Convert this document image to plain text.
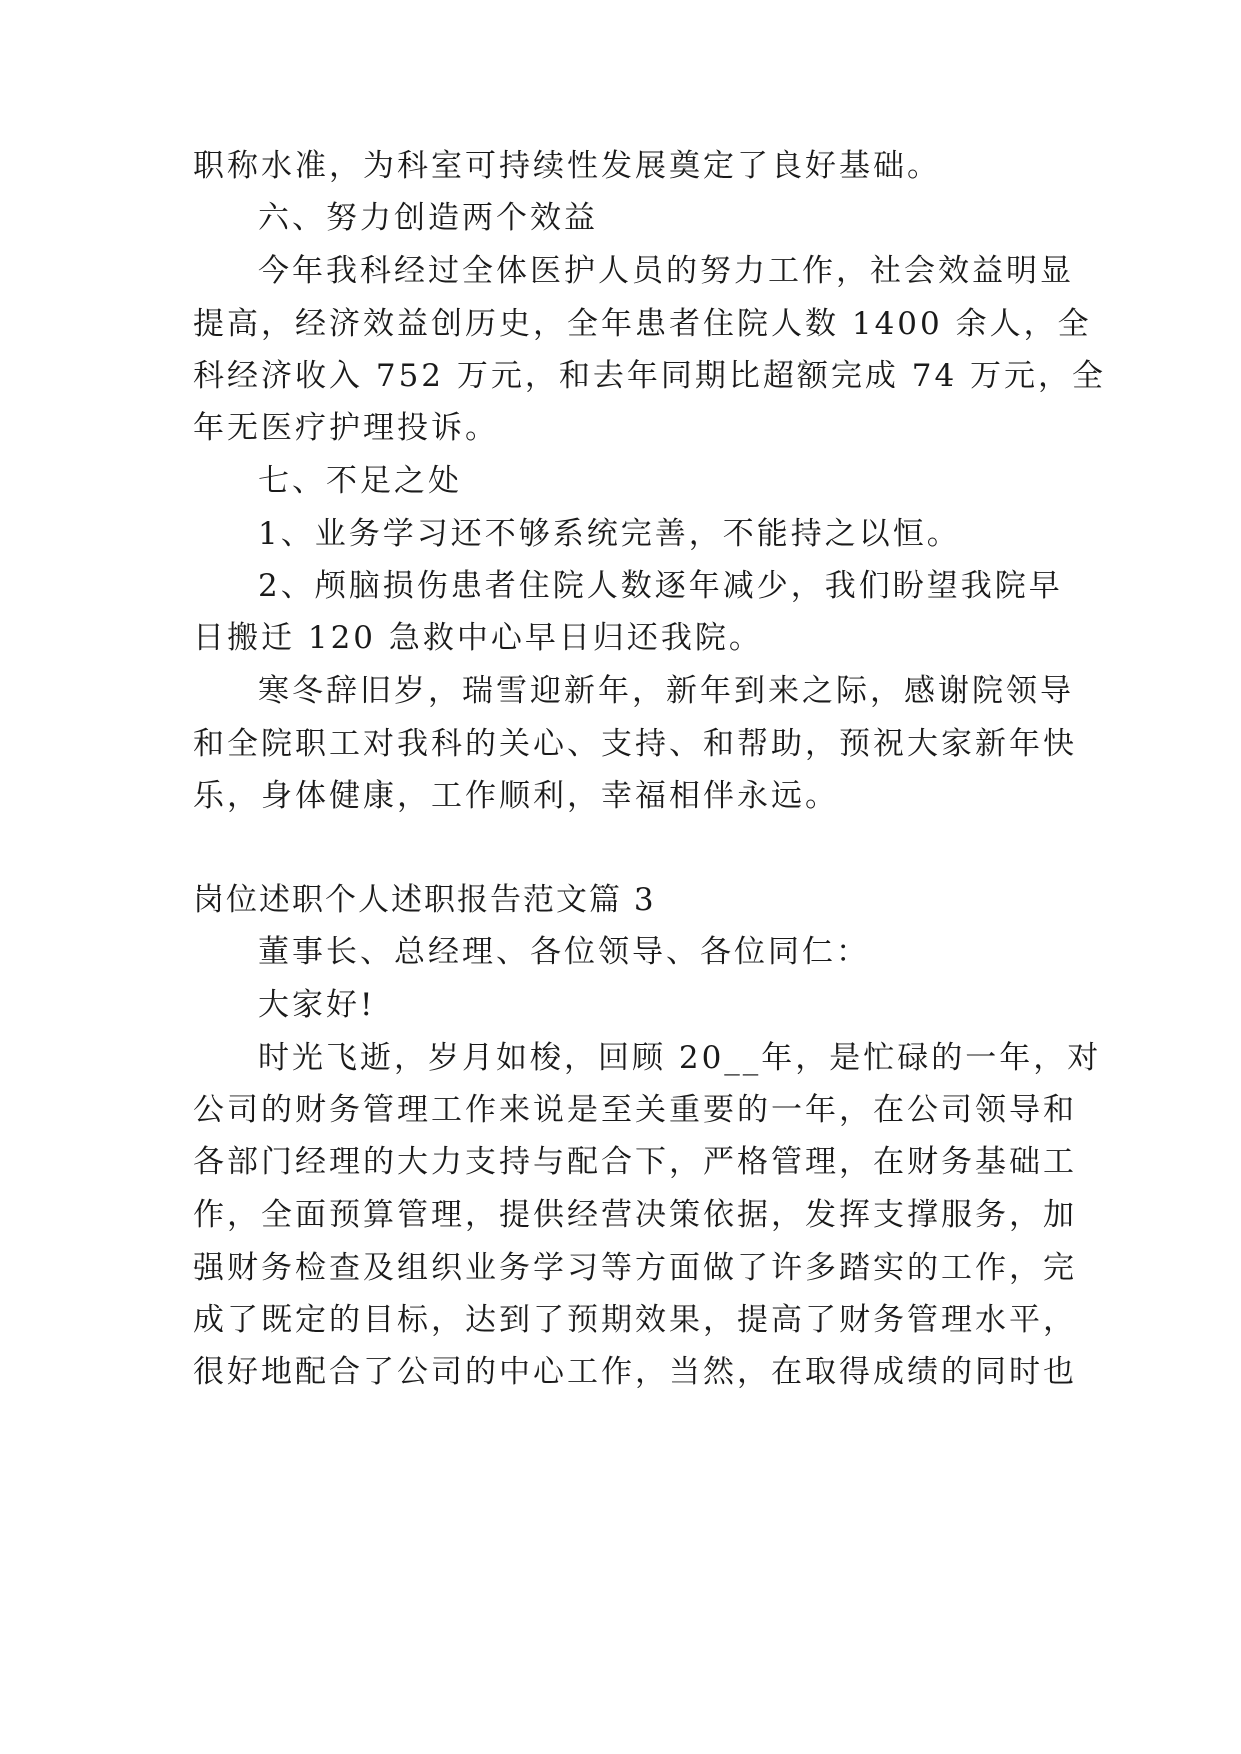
职称水准，为科室可持续性发展奠定了良好基础。
六、努力创造两个效益
今年我科经过全体医护人员的努力工作，社会效益明显
提高，经济效益创历史，全年患者住院人数 1400 余人，全
科经济收入 752 万元，和去年同期比超额完成 74 万元，全
年无医疗护理投诉。
七、不足之处
1、业务学习还不够系统完善，不能持之以恒。
2、颅脑损伤患者住院人数逐年减少，我们盼望我院早
日搬迁 120 急救中心早日归还我院。
寒冬辞旧岁，瑞雪迎新年，新年到来之际，感谢院领导
和全院职工对我科的关心、支持、和帮助，预祝大家新年快
乐，身体健康，工作顺利，幸福相伴永远。
岗位述职个人述职报告范文篇 3
董事长、总经理、各位领导、各位同仁：
大家好!
时光飞逝，岁月如梭，回顾 20__年，是忙碌的一年，对
公司的财务管理工作来说是至关重要的一年，在公司领导和
各部门经理的大力支持与配合下，严格管理，在财务基础工
作，全面预算管理，提供经营决策依据，发挥支撑服务，加
强财务检查及组织业务学习等方面做了许多踏实的工作，完
成了既定的目标，达到了预期效果，提高了财务管理水平，
很好地配合了公司的中心工作，当然，在取得成绩的同时也
